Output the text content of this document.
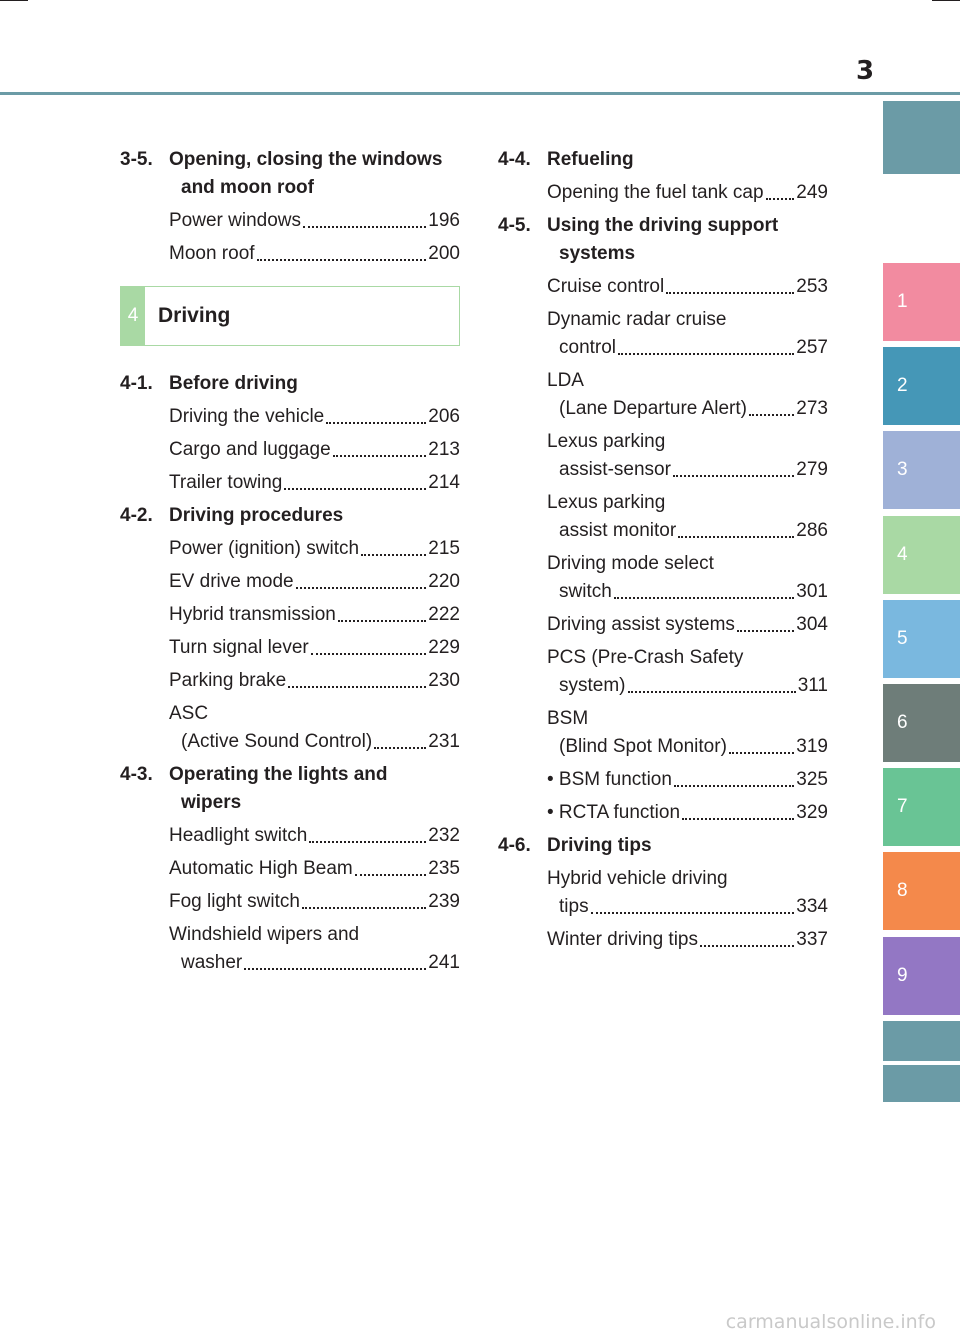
3
3-5. Opening, closing the windows
and moon roof
Power windows	196
Moon roof	200
4 Driving
4-1. Before driving
Driving the vehicle	206
Cargo and luggage	213
Trailer towing	214
4-2. Driving procedures
Power (ignition) switch	215
EV drive mode	220
Hybrid transmission	222
Turn signal lever	229
Parking brake	230
ASC
(Active Sound Control)	231
4-3. Operating the lights and
wipers
Headlight switch	232
Automatic High Beam	235
Fog light switch	239
Windshield wipers and
washer	241
4-4. Refueling
Opening the fuel tank cap 249
4-5. Using the driving support
systems
Cruise control	253
Dynamic radar cruise
control	257
LDA
(Lane Departure Alert)	273
Lexus parking
assist-sensor	279
Lexus parking
assist monitor	286
Driving mode select
switch	301
Driving assist systems	304
PCS (Pre-Crash Safety
system)	311
BSM
(Blind Spot Monitor)	319
• BSM function	325
• RCTA function	329
4-6. Driving tips
Hybrid vehicle driving
tips	334
Winter driving tips	337
1
2
3
4
5
6
7
8
9
carmanualsonline.info
